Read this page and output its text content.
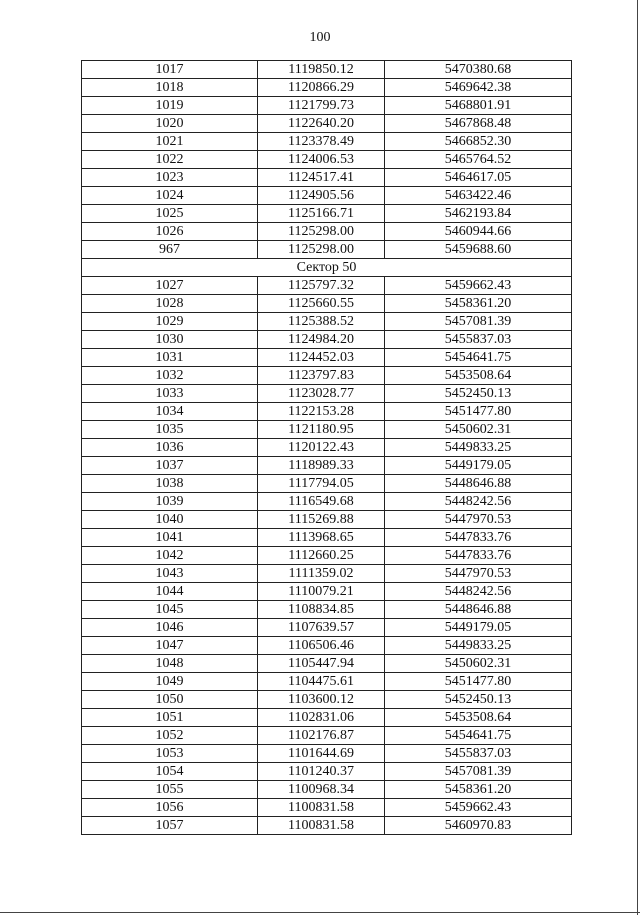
100
1017	1119850.12	5470380.68
1018	1120866.29	5469642.38
1019	1121799.73	5468801.91
1020	1122640.20	5467868.48
1021	1123378.49	5466852.30
1022	1124006.53	5465764.52
1023	1124517.41	5464617.05
1024	1124905.56	5463422.46
1025	1125166.71	5462193.84
1026	1125298.00	5460944.66
967	1125298.00	5459688.60
Сектор 50		
1027	1125797.32	5459662.43
1028	1125660.55	5458361.20
1029	1125388.52	5457081.39
1030	1124984.20	5455837.03
1031	1124452.03	5454641.75
1032	1123797.83	5453508.64
1033	1123028.77	5452450.13
1034	1122153.28	5451477.80
1035	1121180.95	5450602.31
1036	1120122.43	5449833.25
1037	1118989.33	5449179.05
1038	1117794.05	5448646.88
1039	1116549.68	5448242.56
1040	1115269.88	5447970.53
1041	1113968.65	5447833.76
1042	1112660.25	5447833.76
1043	1111359.02	5447970.53
1044	1110079.21	5448242.56
1045	1108834.85	5448646.88
1046	1107639.57	5449179.05
1047	1106506.46	5449833.25
1048	1105447.94	5450602.31
1049	1104475.61	5451477.80
1050	1103600.12	5452450.13
1051	1102831.06	5453508.64
1052	1102176.87	5454641.75
1053	1101644.69	5455837.03
1054	1101240.37	5457081.39
1055	1100968.34	5458361.20
1056	1100831.58	5459662.43
1057	1100831.58	5460970.83
